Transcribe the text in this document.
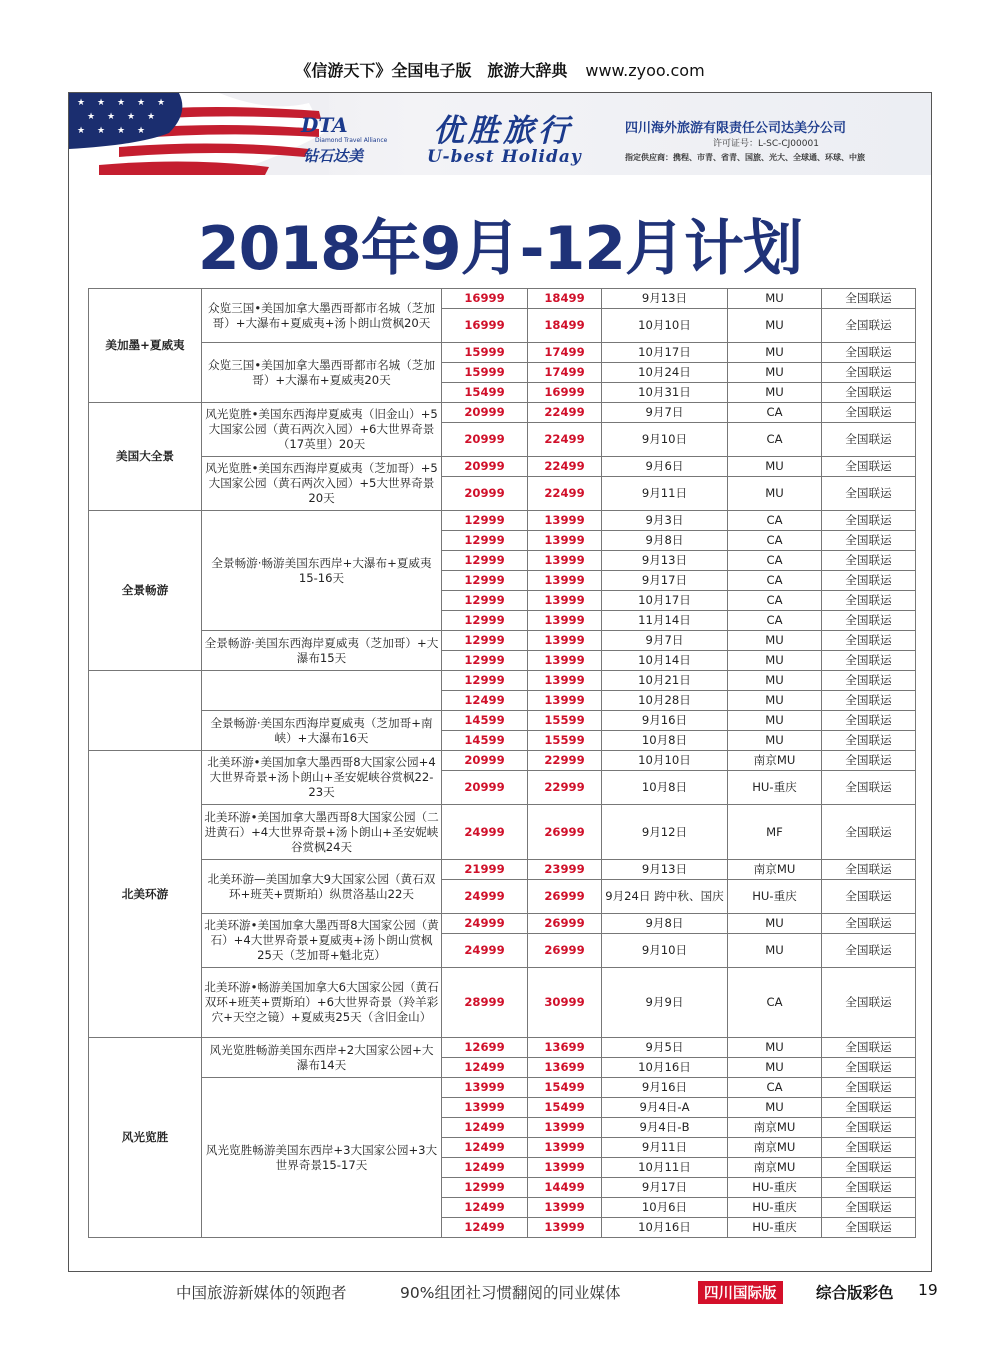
《信游天下》全国电子版　旅游大辞典 www.zyoo.com
★ ★ ★ ★ ★
★ ★ ★ ★
★ ★ ★ ★	DTA
Diamond Travel Alliance
钻石达美
优胜旅行
U-best Holiday
四川海外旅游有限责任公司达美分公司
许可证号：L-SC-CJ00001
指定供应商：携程、市青、省青、国旅、光大、全球通、环球、中旅
2018年9月-12月计划
美加墨+夏威夷	众览三国•美国加拿大墨西哥都市名城（芝加哥）+大瀑布+夏威夷+汤卜朗山赏枫20天	16999	18499	9月13日	MU	全国联运
		16999	18499	10月10日	MU	全国联运
	众览三国•美国加拿大墨西哥都市名城（芝加哥）+大瀑布+夏威夷20天	15999	17499	10月17日	MU	全国联运
		15999	17499	10月24日	MU	全国联运
		15499	16999	10月31日	MU	全国联运
美国大全景	风光览胜•美国东西海岸夏威夷（旧金山）+5大国家公园（黄石两次入园）+6大世界奇景（17英里）20天	20999	22499	9月7日	CA	全国联运
		20999	22499	9月10日	CA	全国联运
	风光览胜•美国东西海岸夏威夷（芝加哥）+5大国家公园（黄石两次入园）+5大世界奇景20天	20999	22499	9月6日	MU	全国联运
		20999	22499	9月11日	MU	全国联运
全景畅游	全景畅游·畅游美国东西岸+大瀑布+夏威夷15-16天	12999	13999	9月3日	CA	全国联运
		12999	13999	9月8日	CA	全国联运
		12999	13999	9月13日	CA	全国联运
		12999	13999	9月17日	CA	全国联运
		12999	13999	10月17日	CA	全国联运
		12999	13999	11月14日	CA	全国联运
	全景畅游·美国东西海岸夏威夷（芝加哥）+大瀑布15天	12999	13999	9月7日	MU	全国联运
		12999	13999	10月14日	MU	全国联运
		12999	13999	10月21日	MU	全国联运
		12499	13999	10月28日	MU	全国联运
	全景畅游·美国东西海岸夏威夷（芝加哥+南峡）+大瀑布16天	14599	15599	9月16日	MU	全国联运
		14599	15599	10月8日	MU	全国联运
北美环游	北美环游•美国加拿大墨西哥8大国家公园+4大世界奇景+汤卜朗山+圣安妮峡谷赏枫22-23天	20999	22999	10月10日	南京MU	全国联运
		20999	22999	10月8日	HU-重庆	全国联运
	北美环游•美国加拿大墨西哥8大国家公园（二进黄石）+4大世界奇景+汤卜朗山+圣安妮峡谷赏枫24天	24999	26999	9月12日	MF	全国联运
	北美环游—美国加拿大9大国家公园（黄石双环+班芙+贾斯珀）纵贯洛基山22天	21999	23999	9月13日	南京MU	全国联运
		24999	26999	9月24日 跨中秋、国庆	HU-重庆	全国联运
	北美环游•美国加拿大墨西哥8大国家公园（黄石）+4大世界奇景+夏威夷+汤卜朗山赏枫25天（芝加哥+魁北克）	24999	26999	9月8日	MU	全国联运
		24999	26999	9月10日	MU	全国联运
	北美环游•畅游美国加拿大6大国家公园（黄石双环+班芙+贾斯珀）+6大世界奇景（羚羊彩穴+天空之镜）+夏威夷25天（含旧金山）	28999	30999	9月9日	CA	全国联运
风光览胜	风光览胜畅游美国东西岸+2大国家公园+大瀑布14天	12699	13699	9月5日	MU	全国联运
		12499	13699	10月16日	MU	全国联运
	风光览胜畅游美国东西岸+3大国家公园+3大世界奇景15-17天	13999	15499	9月16日	CA	全国联运
		13999	15499	9月4日-A	MU	全国联运
		12499	13999	9月4日-B	南京MU	全国联运
		12499	13999	9月11日	南京MU	全国联运
		12499	13999	10月11日	南京MU	全国联运
		12999	14499	9月17日	HU-重庆	全国联运
		12499	13999	10月6日	HU-重庆	全国联运
		12499	13999	10月16日	HU-重庆	全国联运
中国旅游新媒体的领跑者	90%组团社习惯翻阅的同业媒体	四川国际版	综合版彩色 19
